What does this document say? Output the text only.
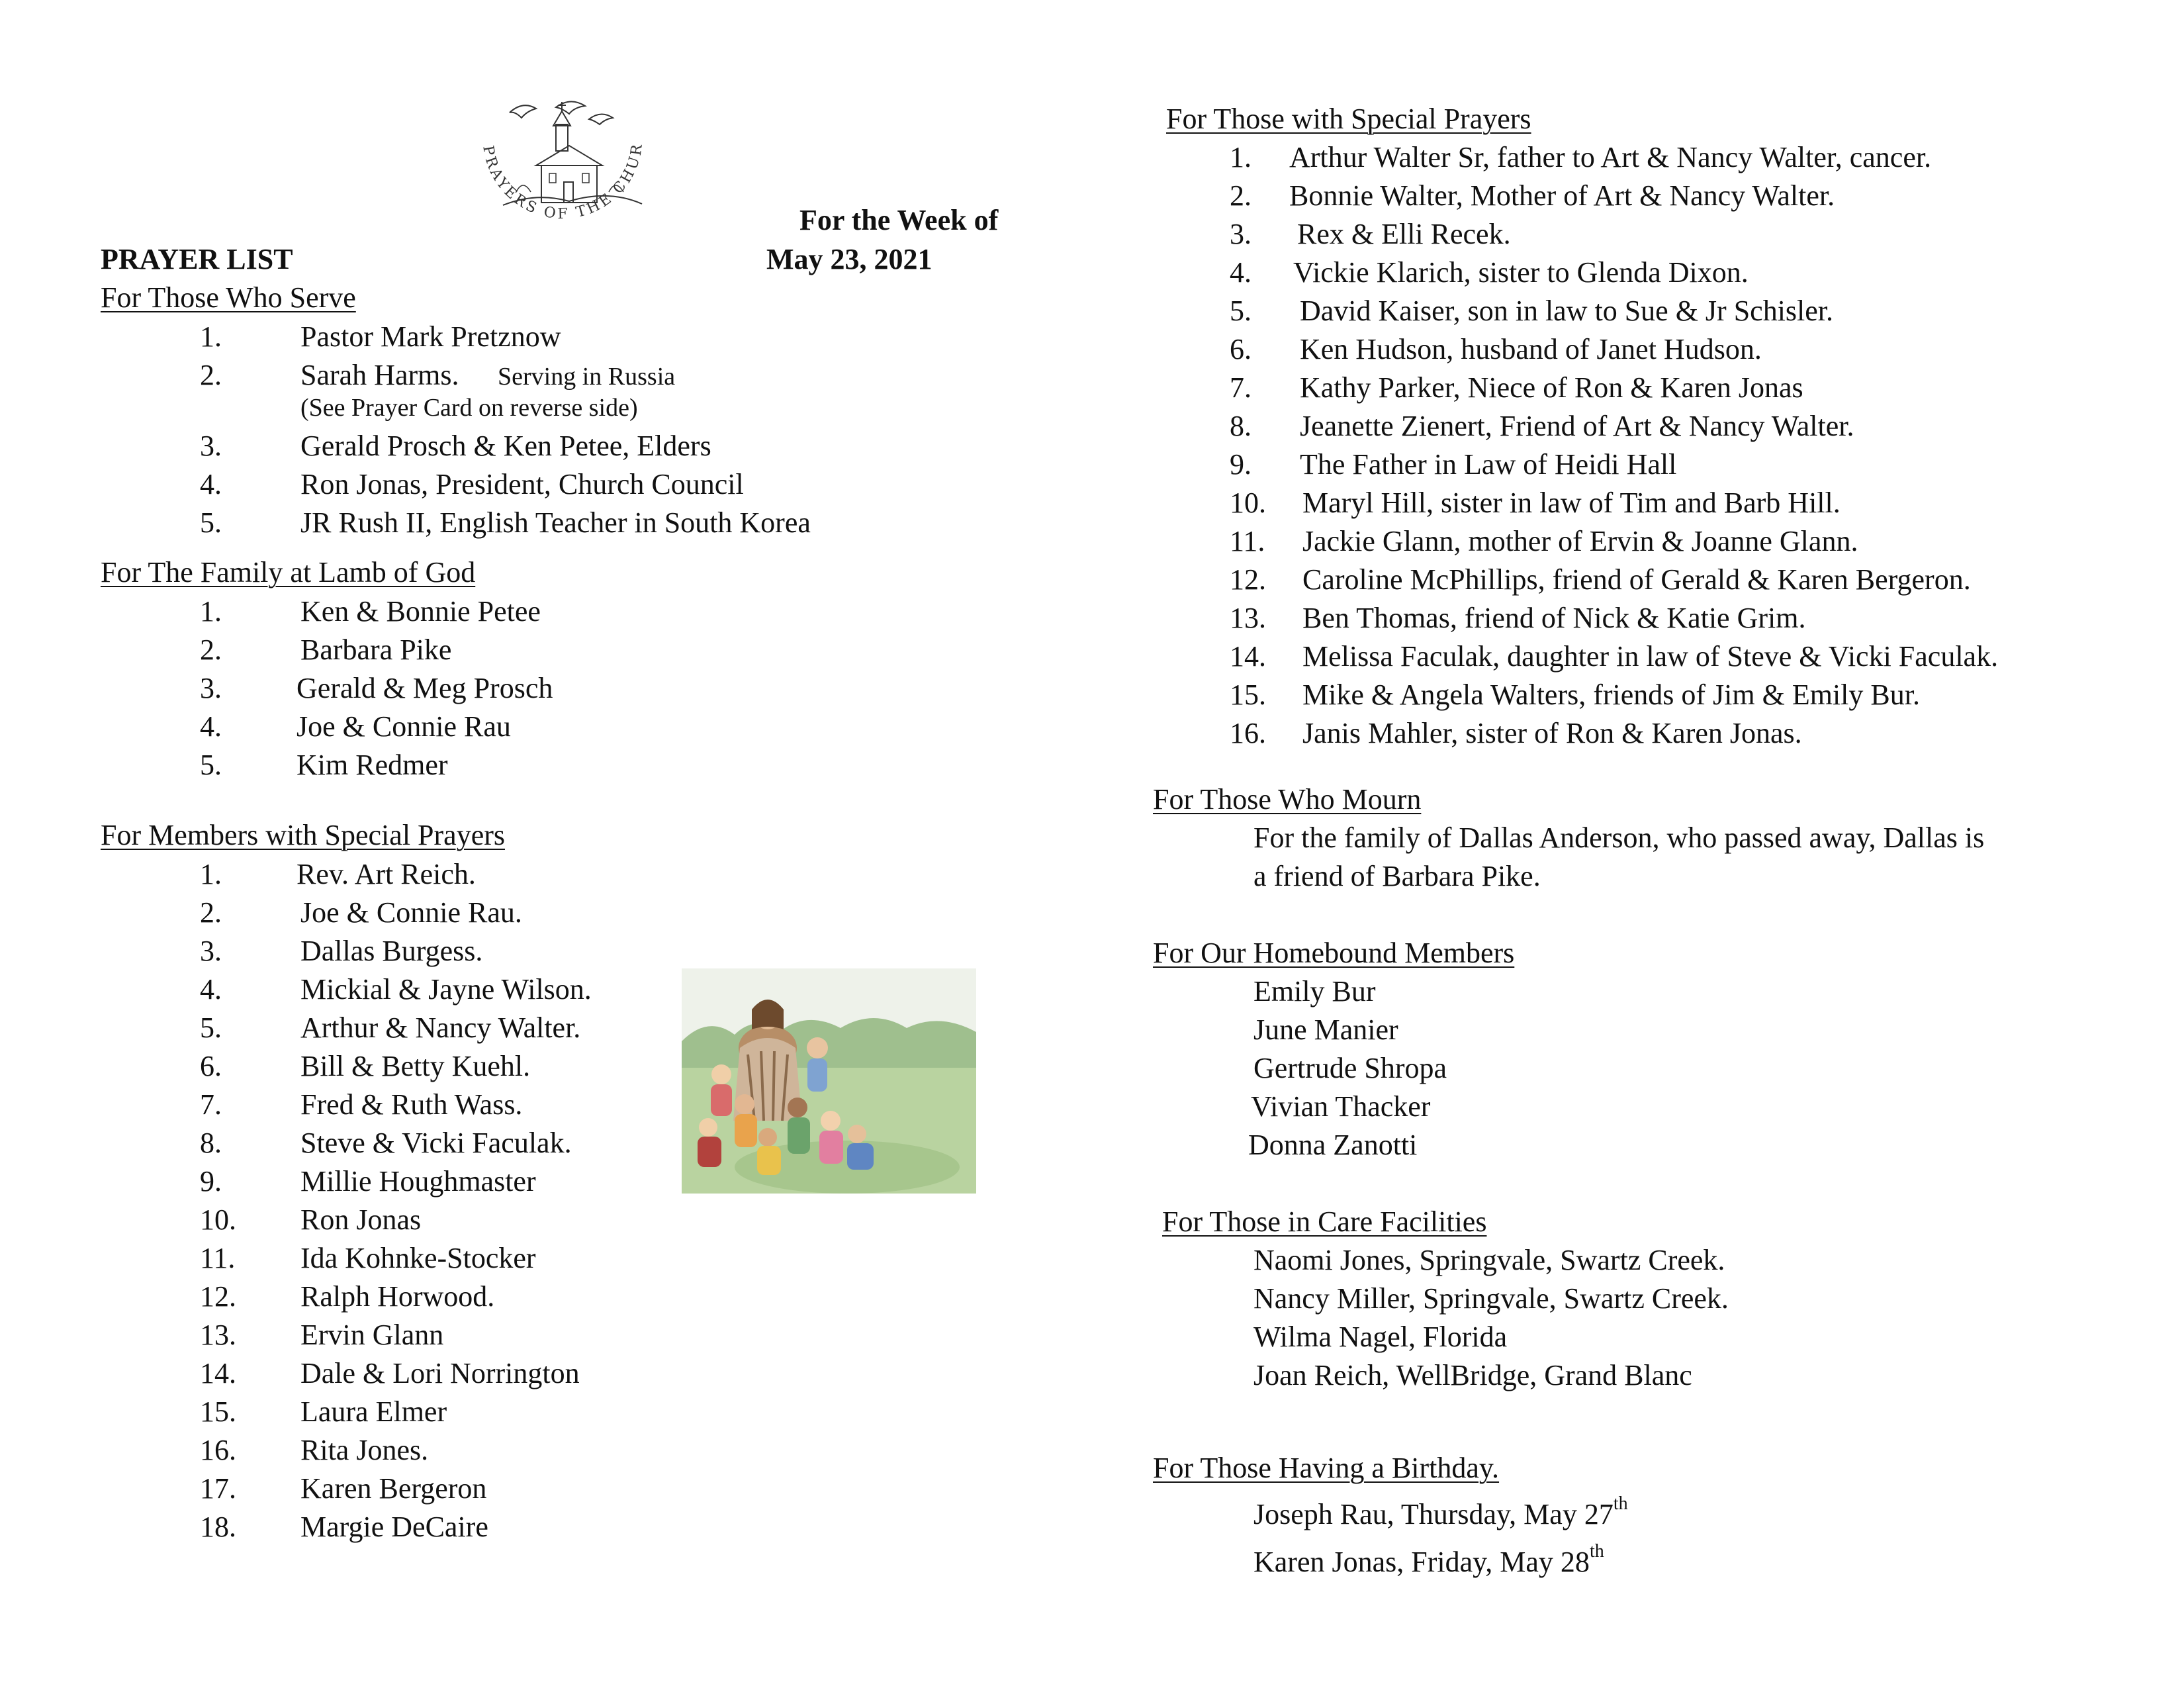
PRAYERS OF THE CHUR
PRAYER LIST
For the Week of
May 23, 2021
For Those Who Serve
1.	Pastor Mark Pretznow
2.	Sarah Harms. Serving in Russia
(See Prayer Card on reverse side)
3.	Gerald Prosch & Ken Petee, Elders
4.	Ron Jonas, President, Church Council
5.	JR Rush II, English Teacher in South Korea
For The Family at Lamb of God
1.	Ken & Bonnie Petee
2.	Barbara Pike
3.	Gerald & Meg Prosch
4.	Joe & Connie Rau
5.	Kim Redmer
For Members with Special Prayers
1.	Rev. Art Reich.
2.	Joe & Connie Rau.
3.	Dallas Burgess.
4.	Mickial & Jayne Wilson.
5.	Arthur & Nancy Walter.
6.	Bill & Betty Kuehl.
7.	Fred & Ruth Wass.
8.	Steve & Vicki Faculak.
9.	Millie Houghmaster
10. Ron Jonas
11. Ida Kohnke-Stocker
12. Ralph Horwood.
13. Ervin Glann
14. Dale & Lori Norrington
15. Laura Elmer
16. Rita Jones.
17. Karen Bergeron
18. Margie DeCaire
For Those with Special Prayers
1. Arthur Walter Sr, father to Art & Nancy Walter, cancer.
2. Bonnie Walter, Mother of Art & Nancy Walter.
3. Rex & Elli Recek.
4. Vickie Klarich, sister to Glenda Dixon.
5. David Kaiser, son in law to Sue & Jr Schisler.
6. Ken Hudson, husband of Janet Hudson.
7. Kathy Parker, Niece of Ron & Karen Jonas
8. Jeanette Zienert, Friend of Art & Nancy Walter.
9. The Father in Law of Heidi Hall
10. Maryl Hill, sister in law of Tim and Barb Hill.
11. Jackie Glann, mother of Ervin & Joanne Glann.
12. Caroline McPhillips, friend of Gerald & Karen Bergeron.
13. Ben Thomas, friend of Nick & Katie Grim.
14. Melissa Faculak, daughter in law of Steve & Vicki Faculak.
15. Mike & Angela Walters, friends of Jim & Emily Bur.
16. Janis Mahler, sister of Ron & Karen Jonas.
For Those Who Mourn
For the family of Dallas Anderson, who passed away, Dallas is
a friend of Barbara Pike.
For Our Homebound Members
Emily Bur
June Manier
Gertrude Shropa
Vivian Thacker
Donna Zanotti
For Those in Care Facilities
Naomi Jones, Springvale, Swartz Creek.
Nancy Miller, Springvale, Swartz Creek.
Wilma Nagel, Florida
Joan Reich, WellBridge, Grand Blanc
For Those Having a Birthday.
Joseph Rau, Thursday, May 27th
Karen Jonas, Friday, May 28th
